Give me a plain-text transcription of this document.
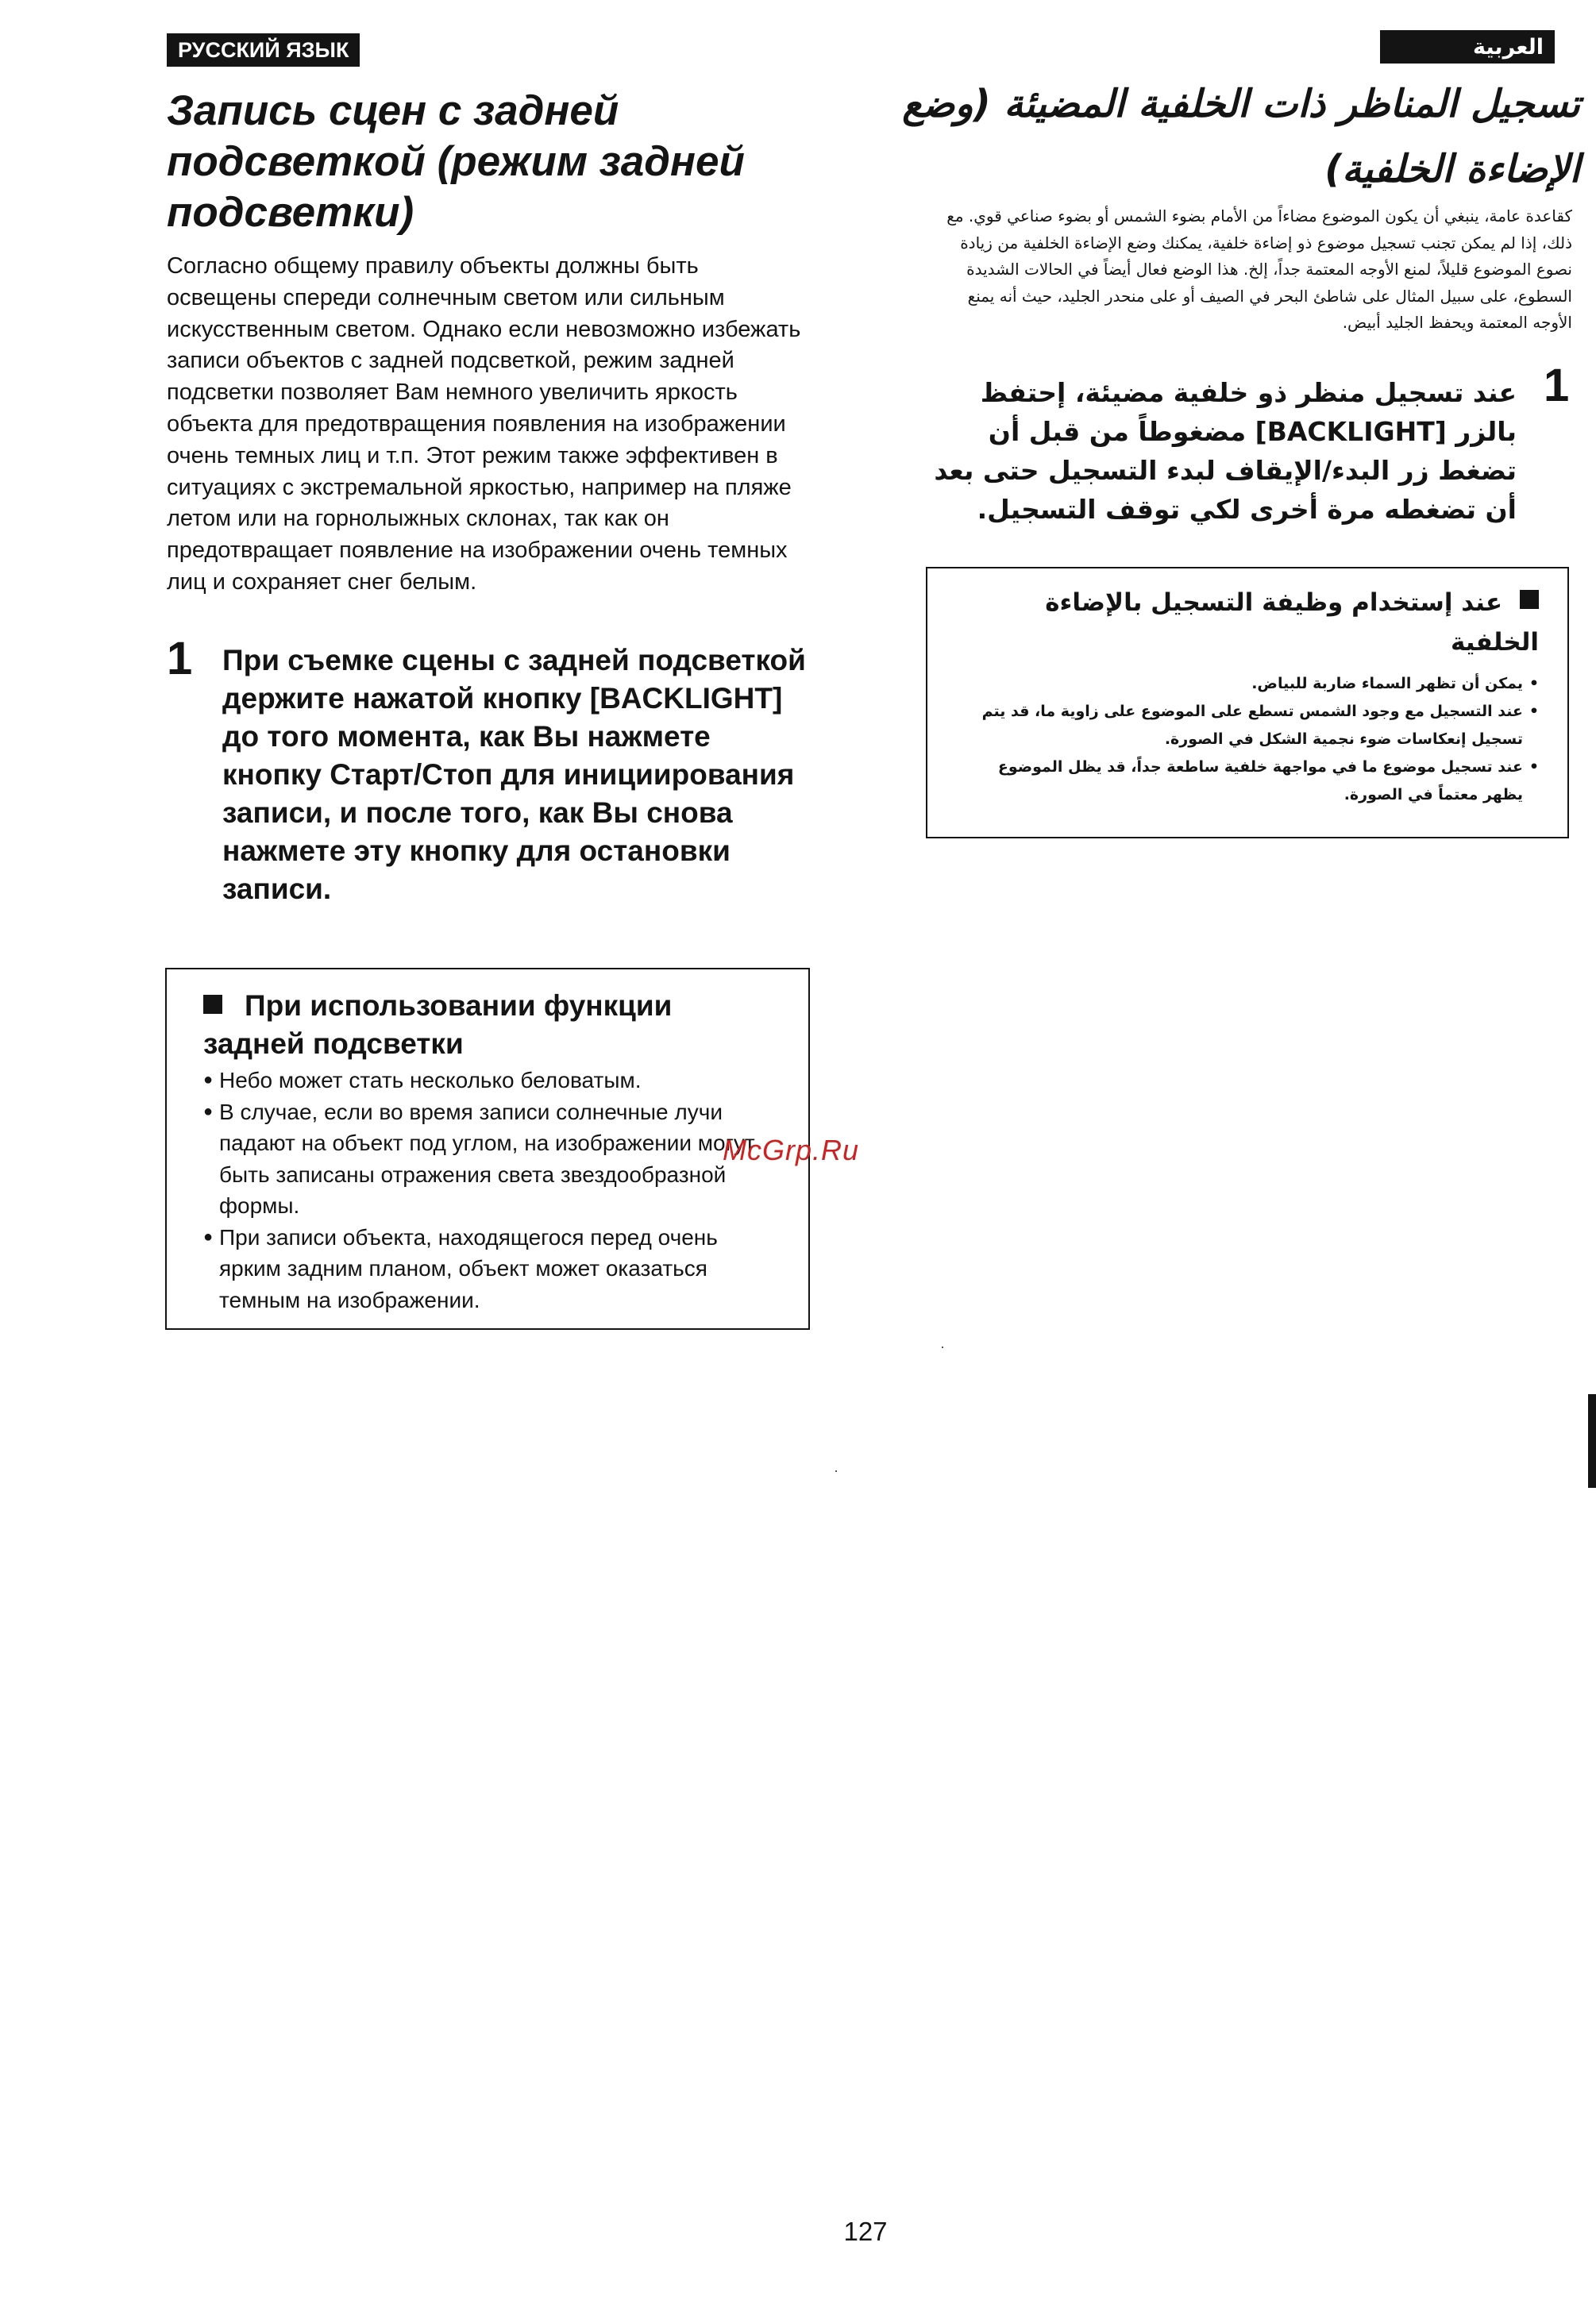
РУССКИЙ ЯЗЫК
Запись сцен с задней подсветкой (режим задней подсветки)

Согласно общему правилу объекты должны быть освещены спереди солнечным светом или сильным искусственным светом. Однако если невозможно избежать записи объектов с задней подсветкой, режим задней подсветки позволяет Вам немного увеличить яркость объекта для предотвращения появления на изображении очень темных лиц и т.п. Этот режим также эффективен в ситуациях с экстремальной яркостью, например на пляже летом или на горнолыжных склонах, так как он предотвращает появление на изображении очень темных лиц и сохраняет снег белым.

1 При съемке сцены с задней подсветкой держите нажатой кнопку [BACKLIGHT] до того момента, как Вы нажмете кнопку Старт/Стоп для инициирования записи, и после того, как Вы снова нажмете эту кнопку для остановки записи.

При использовании функции задней подсветки
● Небо может стать несколько беловатым.
● В случае, если во время записи солнечные лучи падают на объект под углом, на изображении могут быть записаны отражения света звездообразной формы.
● При записи объекта, находящегося перед очень ярким задним планом, объект может оказаться темным на изображении.
McGrp.Ru
العربية
تسجيل المناظر ذات الخلفية المضيئة (وضع الإضاءة الخلفية)

كقاعدة عامة، ينبغي أن يكون الموضوع مضاءاً من الأمام بضوء الشمس أو بضوء صناعي قوي. مع ذلك، إذا لم يمكن تجنب تسجيل موضوع ذو إضاءة خلفية، يمكنك وضع الإضاءة الخلفية من زيادة نصوع الموضوع قليلاً، لمنع الأوجه المعتمة جداً، إلخ. هذا الوضع فعال أيضاً في الحالات الشديدة السطوع، على سبيل المثال على شاطئ البحر في الصيف أو على منحدر الجليد، حيث أنه يمنع الأوجه المعتمة ويحفظ الجليد أبيض.

1

عند تسجيل منظر ذو خلفية مضيئة، إحتفظ بالزر [BACKLIGHT] مضغوطاً من قبل أن تضغط زر البدء/الإيقاف لبدء التسجيل حتى بعد أن تضغطه مرة أخرى لكي توقف التسجيل.

عند إستخدام وظيفة التسجيل بالإضاءة الخلفية
• يمكن أن تظهر السماء ضاربة للبياض.
• عند التسجيل مع وجود الشمس تسطع على الموضوع على زاوية ما، قد يتم تسجيل إنعكاسات ضوء نجمية الشكل في الصورة.
• عند تسجيل موضوع ما في مواجهة خلفية ساطعة جداً، قد يظل الموضوع يظهر معتماً في الصورة.
127
